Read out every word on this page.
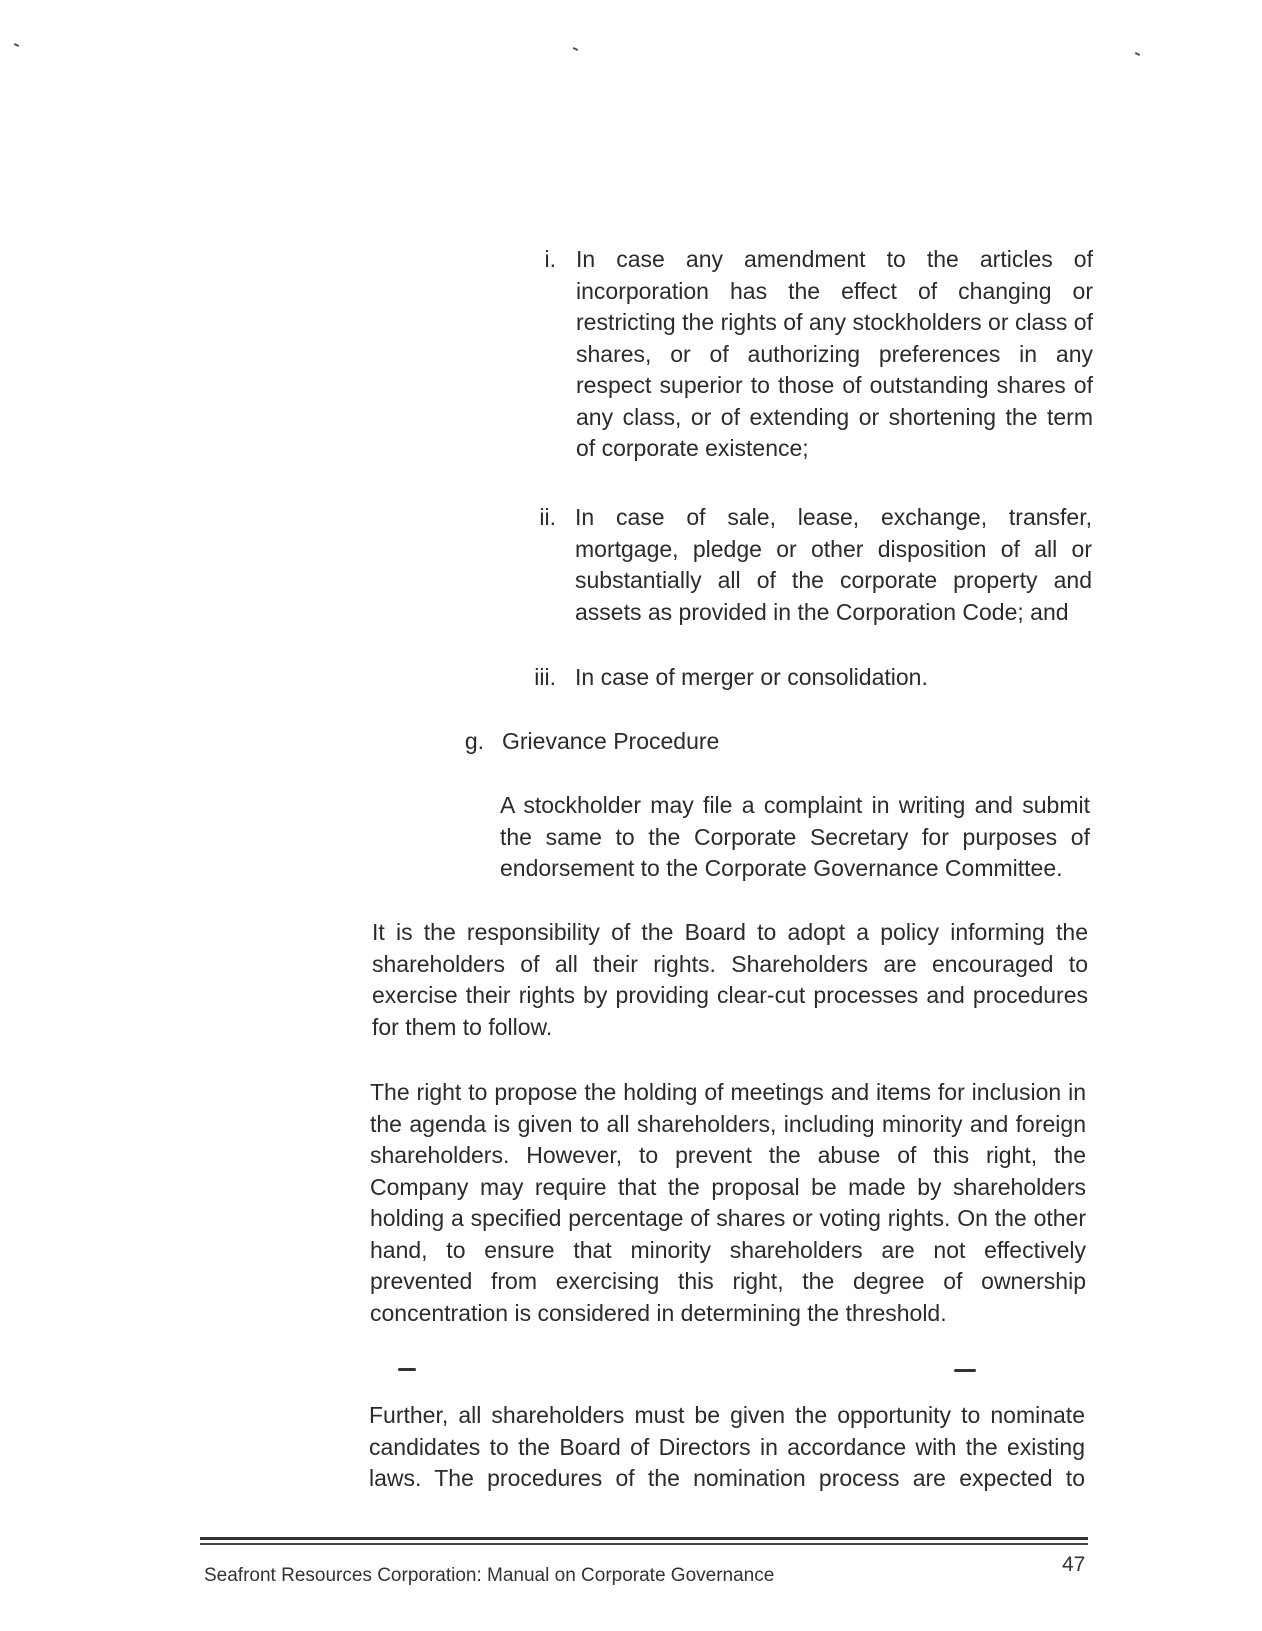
i. In case any amendment to the articles of incorporation has the effect of changing or restricting the rights of any stockholders or class of shares, or of authorizing preferences in any respect superior to those of outstanding shares of any class, or of extending or shortening the term of corporate existence;
ii. In case of sale, lease, exchange, transfer, mortgage, pledge or other disposition of all or substantially all of the corporate property and assets as provided in the Corporation Code; and
iii. In case of merger or consolidation.
g. Grievance Procedure
A stockholder may file a complaint in writing and submit the same to the Corporate Secretary for purposes of endorsement to the Corporate Governance Committee.
It is the responsibility of the Board to adopt a policy informing the shareholders of all their rights. Shareholders are encouraged to exercise their rights by providing clear-cut processes and procedures for them to follow.
The right to propose the holding of meetings and items for inclusion in the agenda is given to all shareholders, including minority and foreign shareholders. However, to prevent the abuse of this right, the Company may require that the proposal be made by shareholders holding a specified percentage of shares or voting rights. On the other hand, to ensure that minority shareholders are not effectively prevented from exercising this right, the degree of ownership concentration is considered in determining the threshold.
Further, all shareholders must be given the opportunity to nominate candidates to the Board of Directors in accordance with the existing laws. The procedures of the nomination process are expected to
47
Seafront Resources Corporation: Manual on Corporate Governance
